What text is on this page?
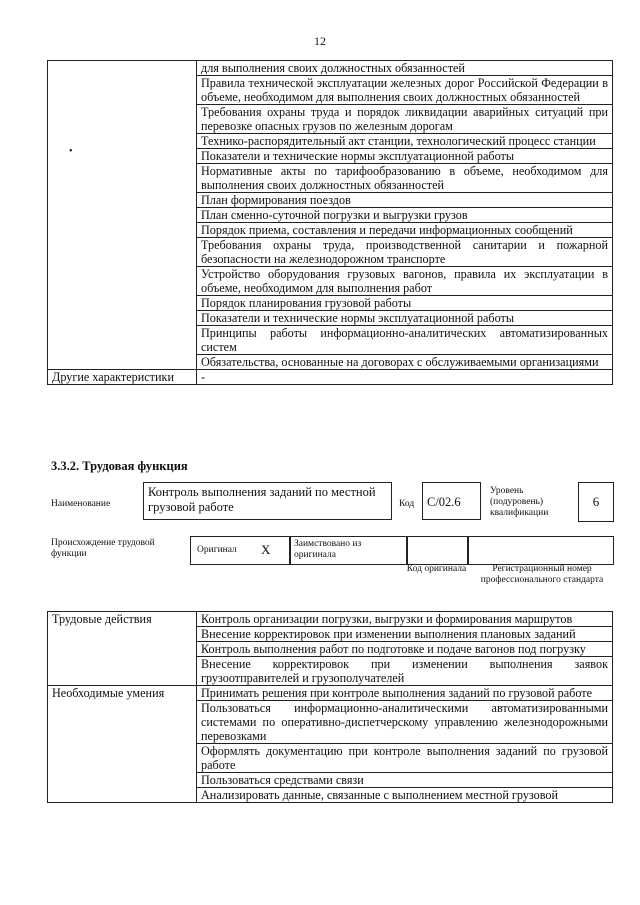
12
	для выполнения своих должностных обязанностей
	Правила технической эксплуатации железных дорог Российской Федерации в объеме, необходимом для выполнения своих должностных обязанностей
	Требования охраны труда и порядок ликвидации аварийных ситуаций при перевозке опасных грузов по железным дорогам
	Технико-распорядительный акт станции, технологический процесс станции
	Показатели и технические нормы эксплуатационной работы
	Нормативные акты по тарифообразованию в объеме, необходимом для выполнения своих должностных обязанностей
	План формирования поездов
	План сменно-суточной погрузки и выгрузки грузов
	Порядок приема, составления и передачи информационных сообщений
	Требования охраны труда, производственной санитарии и пожарной безопасности на железнодорожном транспорте
	Устройство оборудования грузовых вагонов, правила их эксплуатации в объеме, необходимом для выполнения работ
	Порядок планирования грузовой работы
	Показатели и технические нормы эксплуатационной работы
	Принципы работы информационно-аналитических автоматизированных систем
	Обязательства, основанные на договорах с обслуживаемыми организациями
Другие характеристики	-
•
3.3.2. Трудовая функция
Наименование
Контроль выполнения заданий по местной грузовой работе	Код	С/02.6
Уровень (подуровень) квалификации
6
Происхождение трудовой функции	Оригинал X Заимствовано из оригинала
Код оригинала	Регистрационный номер профессионального стандарта
Трудовые действия	Контроль организации погрузки, выгрузки и формирования маршрутов
	Внесение корректировок при изменении выполнения плановых заданий
	Контроль выполнения работ по подготовке и подаче вагонов под погрузку
	Внесение корректировок при изменении выполнения заявок грузоотправителей и грузополучателей
Необходимые умения	Принимать решения при контроле выполнения заданий по грузовой работе
	Пользоваться информационно-аналитическими автоматизированными системами по оперативно-диспетчерскому управлению железнодорожными перевозками
	Оформлять документацию при контроле выполнения заданий по грузовой работе
	Пользоваться средствами связи
	Анализировать данные, связанные с выполнением местной грузовой
